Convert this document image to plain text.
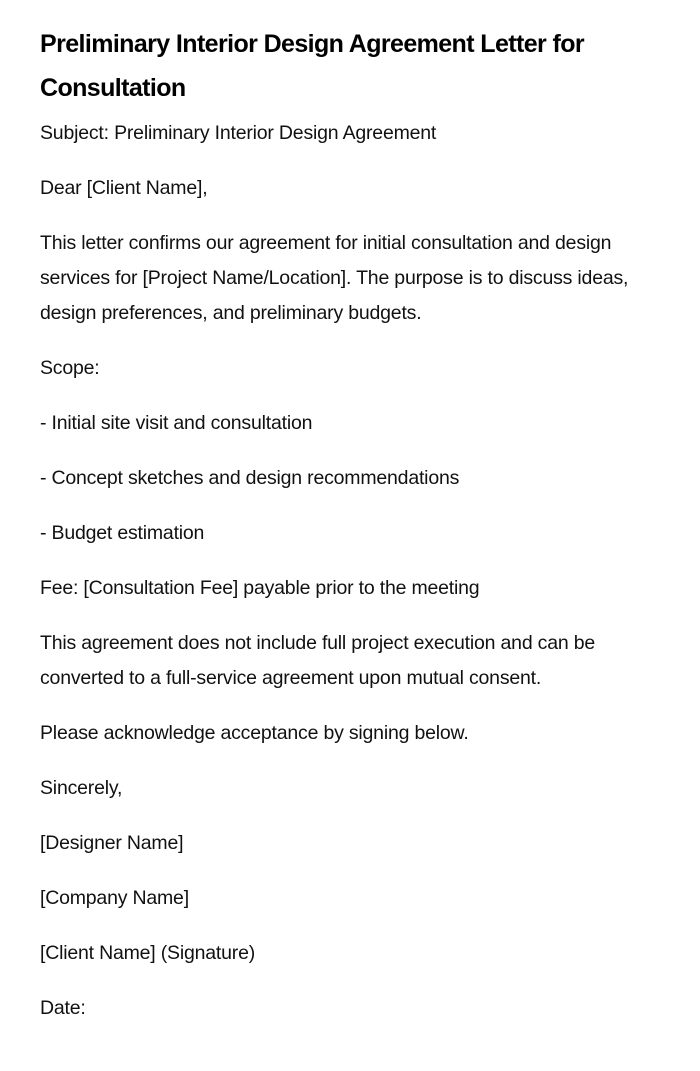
Preliminary Interior Design Agreement Letter for Consultation

Subject: Preliminary Interior Design Agreement

Dear [Client Name],

This letter confirms our agreement for initial consultation and design services for [Project Name/Location]. The purpose is to discuss ideas, design preferences, and preliminary budgets.

Scope:

- Initial site visit and consultation

- Concept sketches and design recommendations

- Budget estimation

Fee: [Consultation Fee] payable prior to the meeting

This agreement does not include full project execution and can be converted to a full-service agreement upon mutual consent.

Please acknowledge acceptance by signing below.

Sincerely,

[Designer Name]

[Company Name]

[Client Name] (Signature)

Date:
